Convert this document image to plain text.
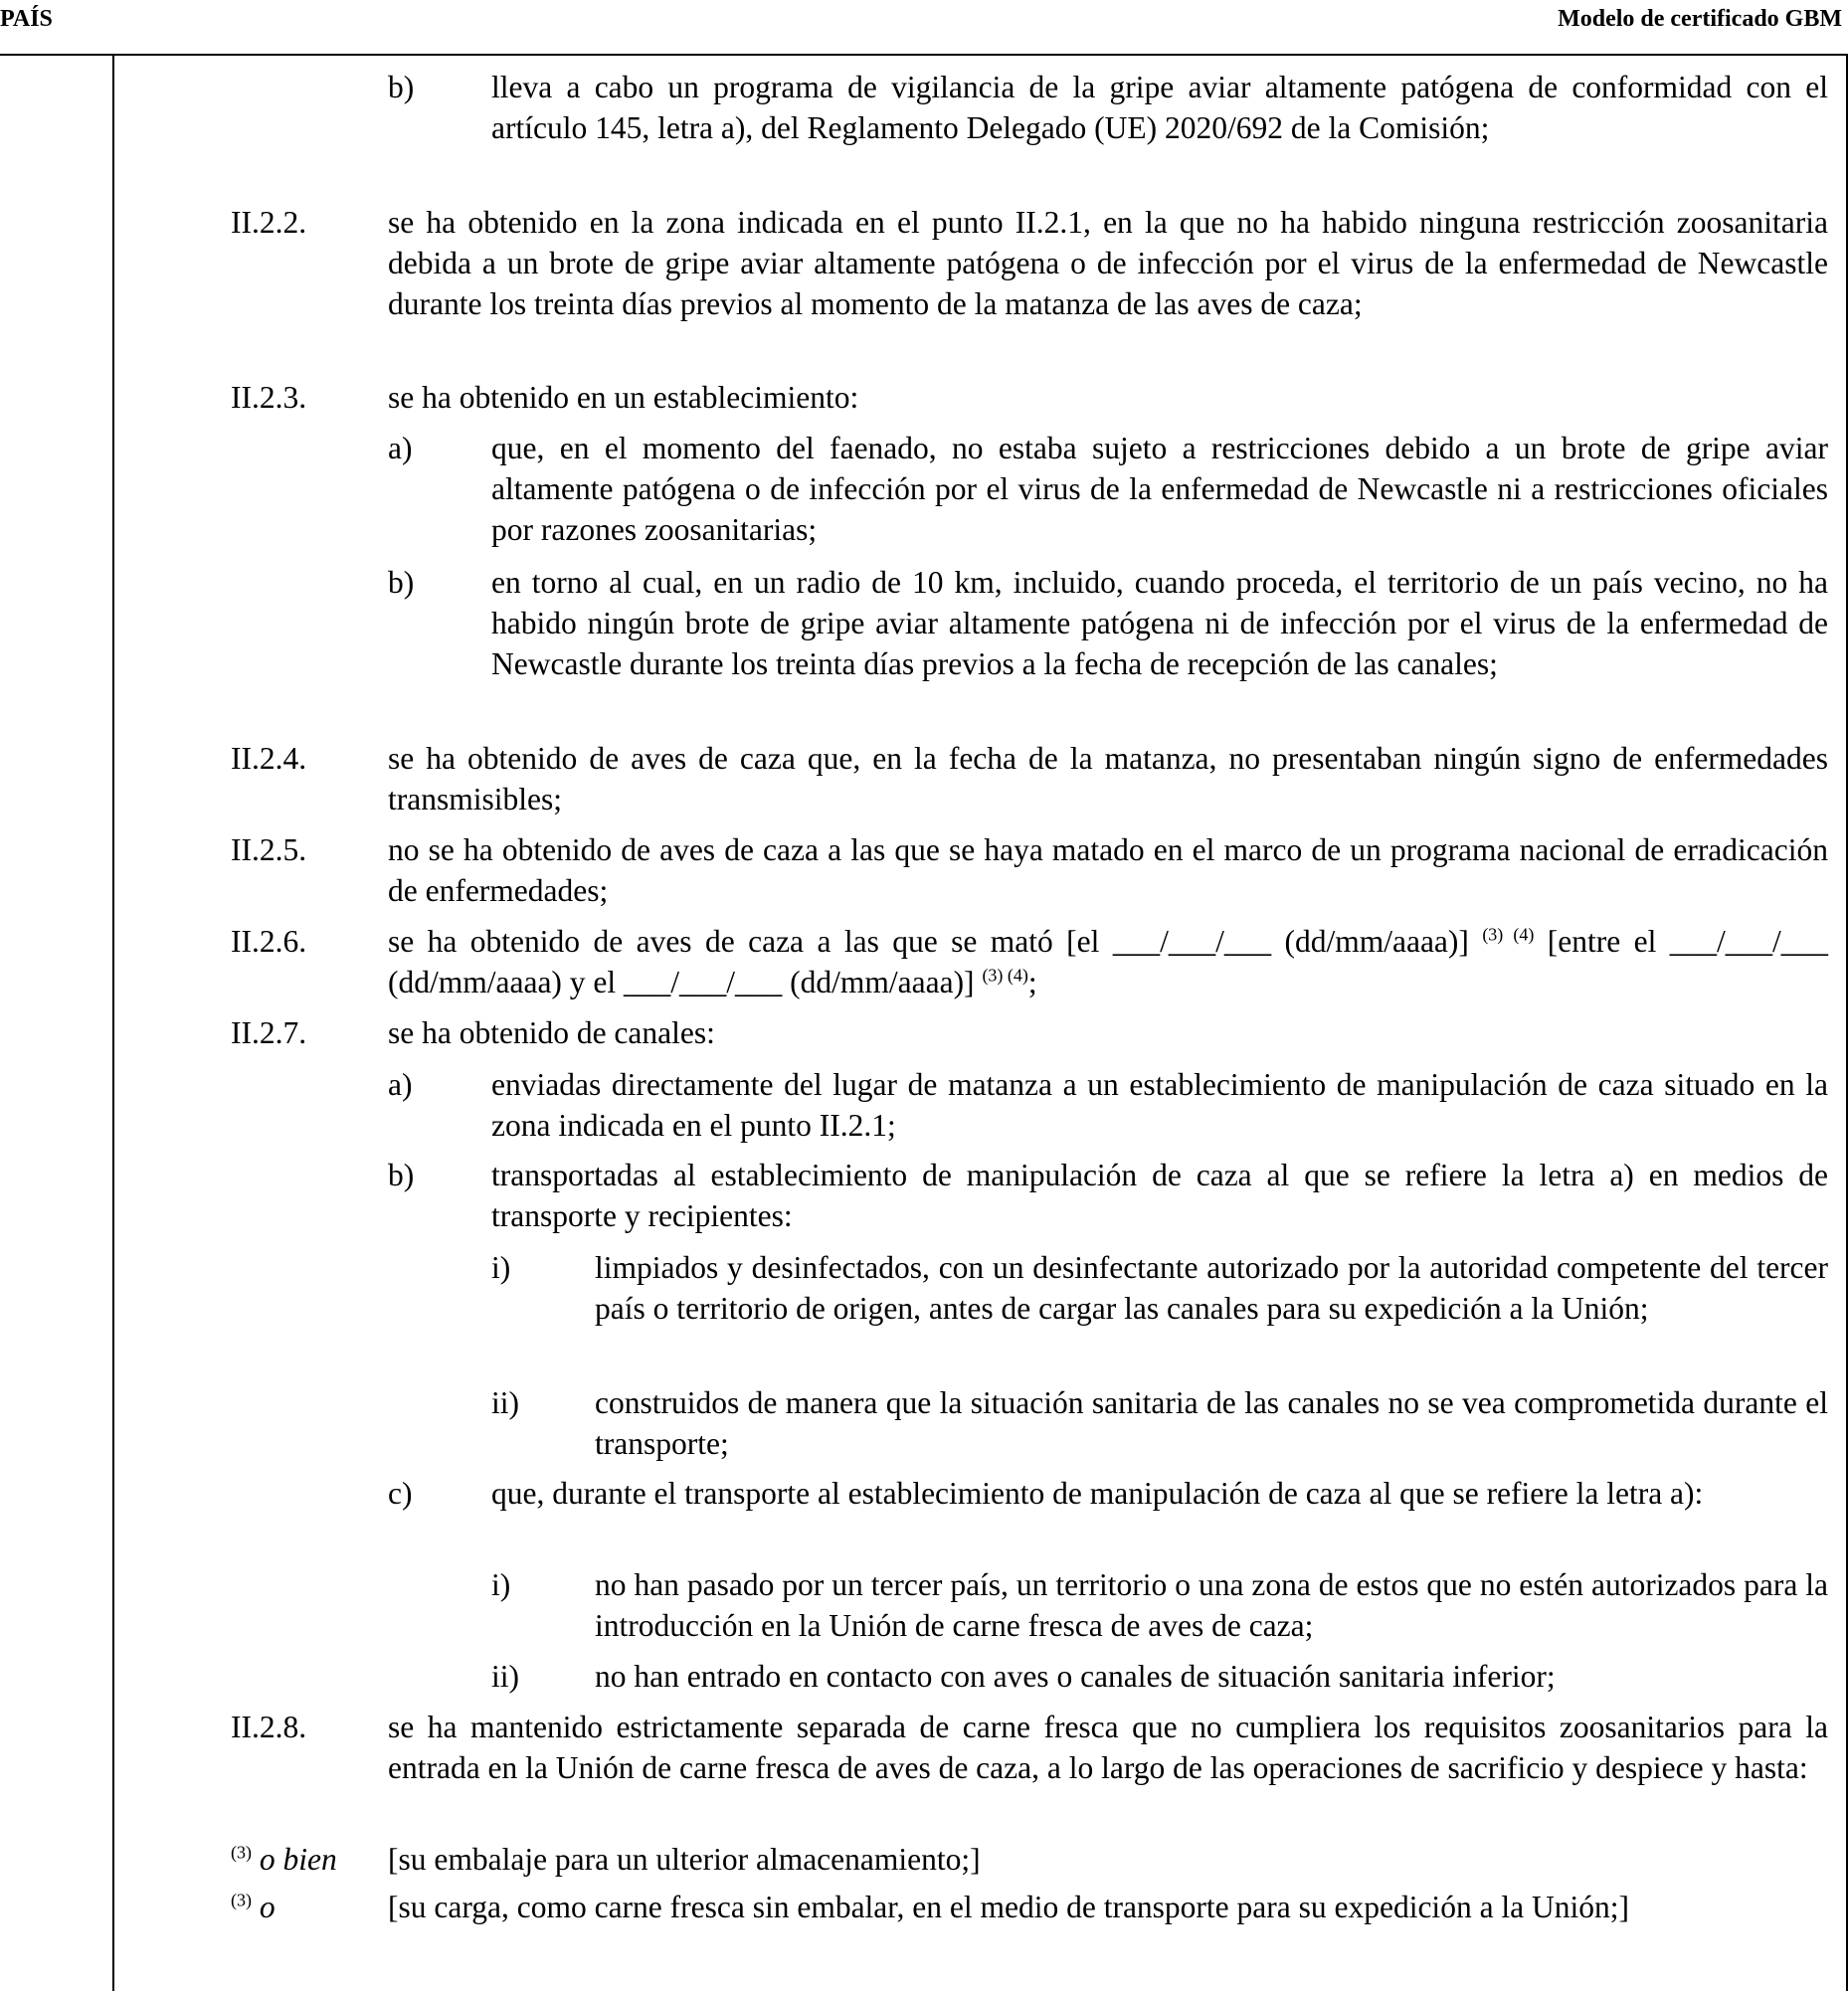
PAÍS	Modelo de certificado GBM
b) lleva a cabo un programa de vigilancia de la gripe aviar altamente patógena de conformidad con el artículo 145, letra a), del Reglamento Delegado (UE) 2020/692 de la Comisión;
II.2.2.	se ha obtenido en la zona indicada en el punto II.2.1, en la que no ha habido ninguna restricción zoosanitaria debida a un brote de gripe aviar altamente patógena o de infección por el virus de la enfermedad de Newcastle durante los treinta días previos al momento de la matanza de las aves de caza;
II.2.3.	se ha obtenido en un establecimiento:
a)	que, en el momento del faenado, no estaba sujeto a restricciones debido a un brote de gripe aviar altamente patógena o de infección por el virus de la enfermedad de Newcastle ni a restricciones oficiales por razones zoosanitarias;
b) en torno al cual, en un radio de 10 km, incluido, cuando proceda, el territorio de un país vecino, no ha habido ningún brote de gripe aviar altamente patógena ni de infección por el virus de la enfermedad de Newcastle durante los treinta días previos a la fecha de recepción de las canales;
II.2.4.	se ha obtenido de aves de caza que, en la fecha de la matanza, no presentaban ningún signo de enfermedades transmisibles;
II.2.5.	no se ha obtenido de aves de caza a las que se haya matado en el marco de un programa nacional de erradicación de enfermedades;
II.2.6.	se ha obtenido de aves de caza a las que se mató [el ___/___/___ (dd/mm/aaaa)] $^{(3) (4)}$ [entre el ___/___/___ (dd/mm/aaaa) y el ___/___/___ (dd/mm/aaaa)] $^{(3) (4)}$;
II.2.7.	se ha obtenido de canales:
a)	enviadas directamente del lugar de matanza a un establecimiento de manipulación de caza situado en la zona indicada en el punto II.2.1;
b) transportadas al establecimiento de manipulación de caza al que se refiere la letra a) en medios de transporte y recipientes:
i)	limpiados y desinfectados, con un desinfectante autorizado por la autoridad competente del tercer país o territorio de origen, antes de cargar las canales para su expedición a la Unión;
ii) construidos de manera que la situación sanitaria de las canales no se vea comprometida durante el transporte;
c)	que, durante el transporte al establecimiento de manipulación de caza al que se refiere la letra a):
i)	no han pasado por un tercer país, un territorio o una zona de estos que no estén autorizados para la introducción en la Unión de carne fresca de aves de caza;
ii) no han entrado en contacto con aves o canales de situación sanitaria inferior;
II.2.8.	se ha mantenido estrictamente separada de carne fresca que no cumpliera los requisitos zoosanitarios para la entrada en la Unión de carne fresca de aves de caza, a lo largo de las operaciones de sacrificio y despiece y hasta:
$^{(3)}$ o bien [su embalaje para un ulterior almacenamiento;]
$^{(3)}$ o	[su carga, como carne fresca sin embalar, en el medio de transporte para su expedición a la Unión;]
